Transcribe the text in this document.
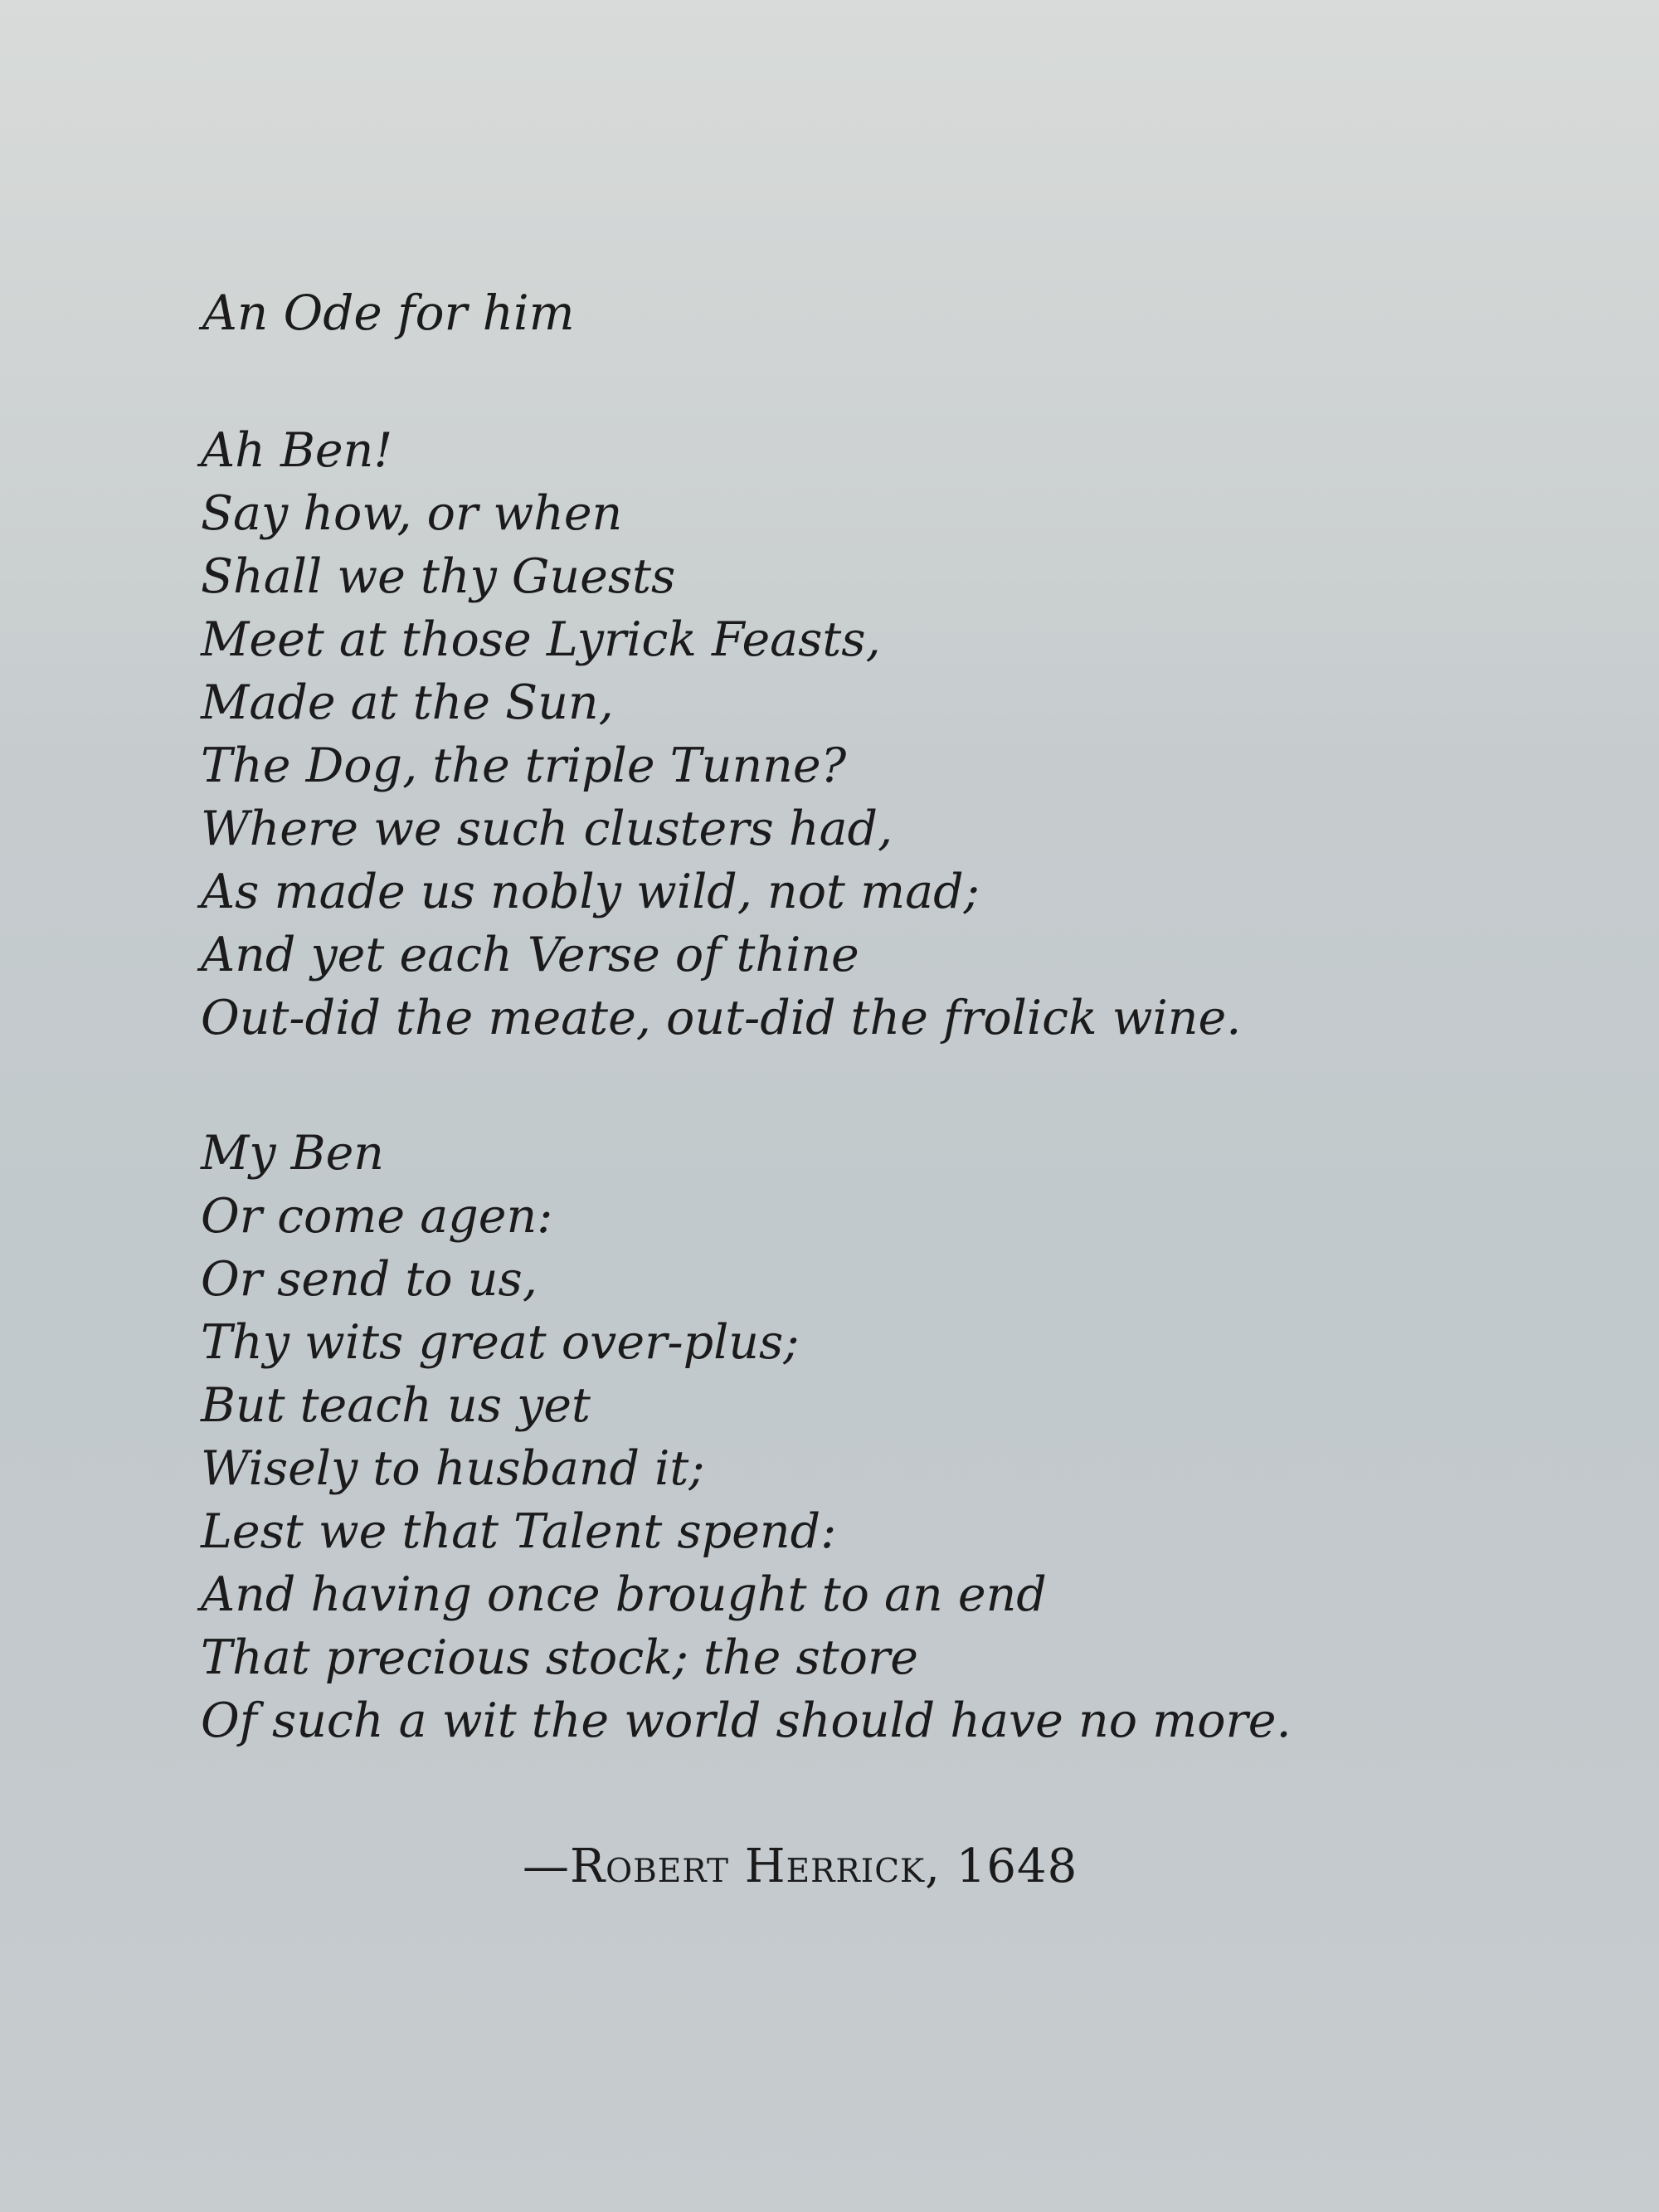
An Ode for him
Ah Ben!
Say how, or when
Shall we thy Guests
Meet at those Lyrick Feasts,
Made at the Sun,
The Dog, the triple Tunne?
Where we such clusters had,
As made us nobly wild, not mad;
And yet each Verse of thine
Out-did the meate, out-did the frolick wine.
My Ben
Or come agen:
Or send to us,
Thy wits great over-plus;
But teach us yet
Wisely to husband it;
Lest we that Talent spend:
And having once brought to an end
That precious stock; the store
Of such a wit the world should have no more.
—Robert Herrick, 1648
